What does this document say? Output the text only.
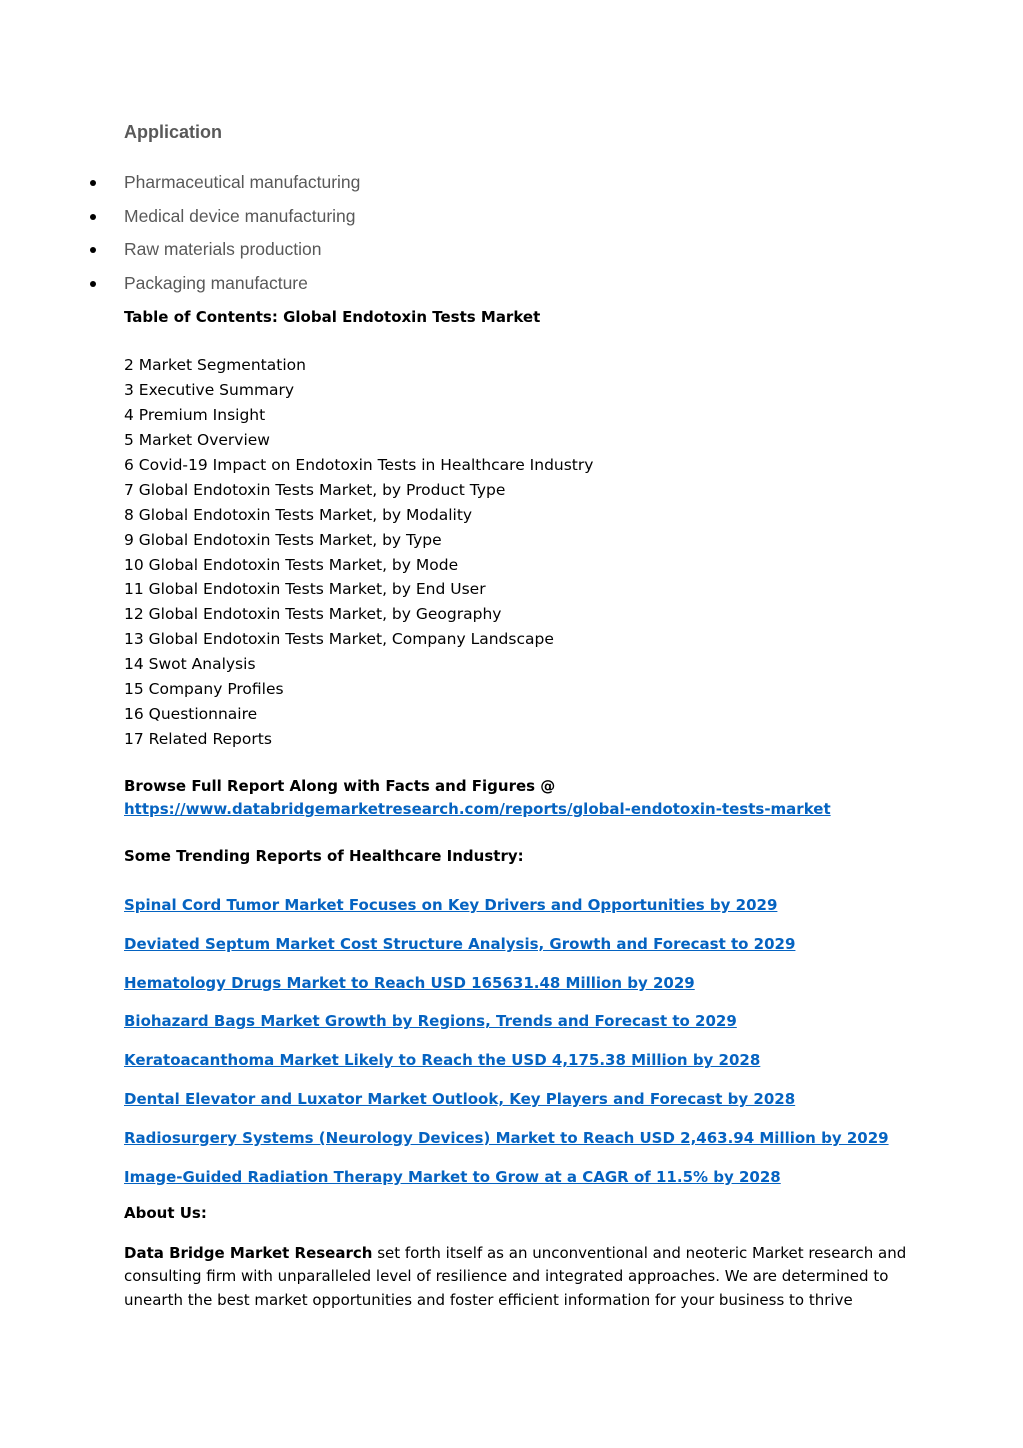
Application
Pharmaceutical manufacturing
Medical device manufacturing
Raw materials production
Packaging manufacture
Table of Contents: Global Endotoxin Tests Market
2 Market Segmentation
3 Executive Summary
4 Premium Insight
5 Market Overview
6 Covid-19 Impact on Endotoxin Tests in Healthcare Industry
7 Global Endotoxin Tests Market, by Product Type
8 Global Endotoxin Tests Market, by Modality
9 Global Endotoxin Tests Market, by Type
10 Global Endotoxin Tests Market, by Mode
11 Global Endotoxin Tests Market, by End User
12 Global Endotoxin Tests Market, by Geography
13 Global Endotoxin Tests Market, Company Landscape
14 Swot Analysis
15 Company Profiles
16 Questionnaire
17 Related Reports

Browse Full Report Along with Facts and Figures @

https://www.databridgemarketresearch.com/reports/global-endotoxin-tests-market
Some Trending Reports of Healthcare Industry:
Spinal Cord Tumor Market Focuses on Key Drivers and Opportunities by 2029
Deviated Septum Market Cost Structure Analysis, Growth and Forecast to 2029
Hematology Drugs Market to Reach USD 165631.48 Million by 2029
Biohazard Bags Market Growth by Regions, Trends and Forecast to 2029
Keratoacanthoma Market Likely to Reach the USD 4,175.38 Million by 2028
Dental Elevator and Luxator Market Outlook, Key Players and Forecast by 2028
Radiosurgery Systems (Neurology Devices) Market to Reach USD 2,463.94 Million by 2029
Image-Guided Radiation Therapy Market to Grow at a CAGR of 11.5% by 2028
About Us:

Data Bridge Market Research set forth itself as an unconventional and neoteric Market research and consulting firm with unparalleled level of resilience and integrated approaches. We are determined to unearth the best market opportunities and foster efficient information for your business to thrive
